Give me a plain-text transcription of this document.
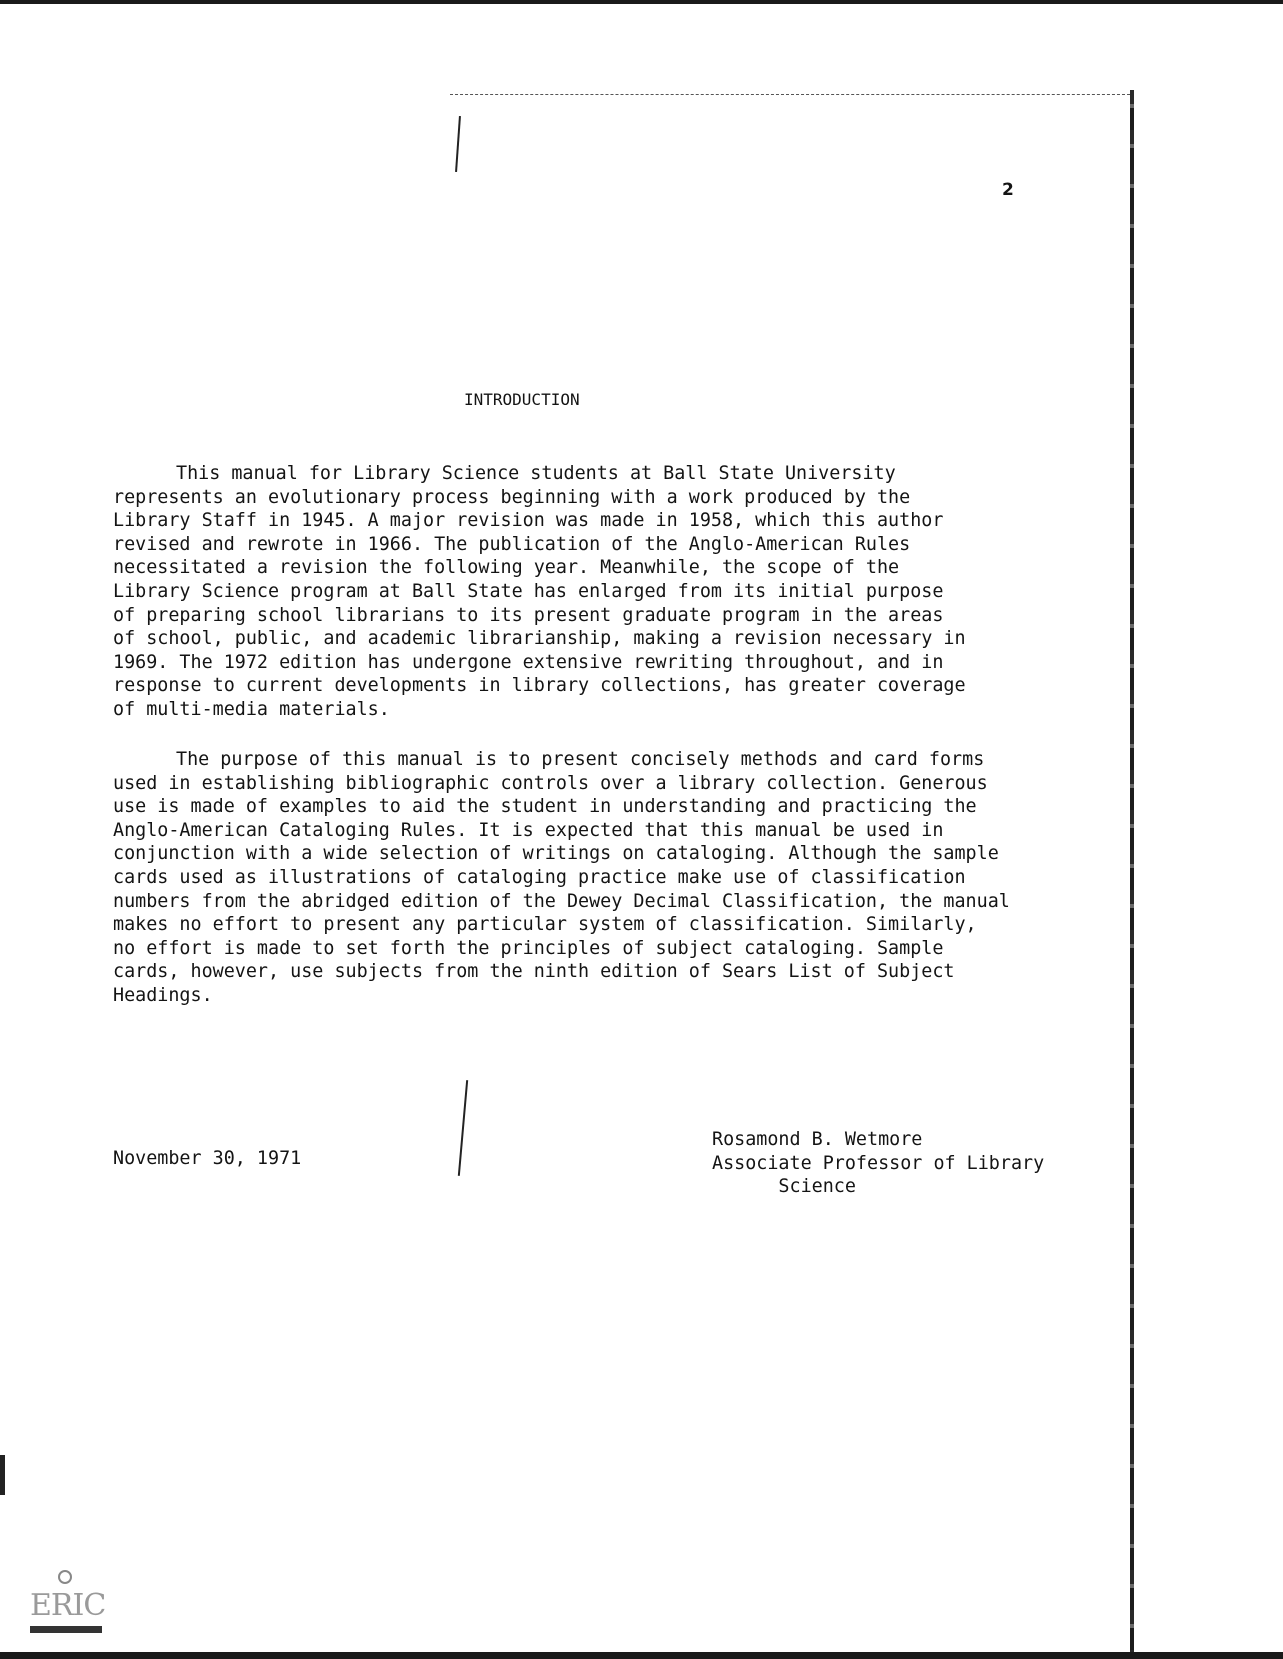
2
INTRODUCTION
This manual for Library Science students at Ball State University
represents an evolutionary process beginning with a work produced by the
Library Staff in 1945. A major revision was made in 1958, which this author
revised and rewrote in 1966. The publication of the Anglo-American Rules
necessitated a revision the following year. Meanwhile, the scope of the
Library Science program at Ball State has enlarged from its initial purpose
of preparing school librarians to its present graduate program in the areas
of school, public, and academic librarianship, making a revision necessary in
1969. The 1972 edition has undergone extensive rewriting throughout, and in
response to current developments in library collections, has greater coverage
of multi-media materials.
The purpose of this manual is to present concisely methods and card forms
used in establishing bibliographic controls over a library collection. Generous
use is made of examples to aid the student in understanding and practicing the
Anglo-American Cataloging Rules. It is expected that this manual be used in
conjunction with a wide selection of writings on cataloging. Although the sample
cards used as illustrations of cataloging practice make use of classification
numbers from the abridged edition of the Dewey Decimal Classification, the manual
makes no effort to present any particular system of classification. Similarly,
no effort is made to set forth the principles of subject cataloging. Sample
cards, however, use subjects from the ninth edition of Sears List of Subject
Headings.
November 30, 1971
Rosamond B. Wetmore
Associate Professor of Library
Science
ERIC
